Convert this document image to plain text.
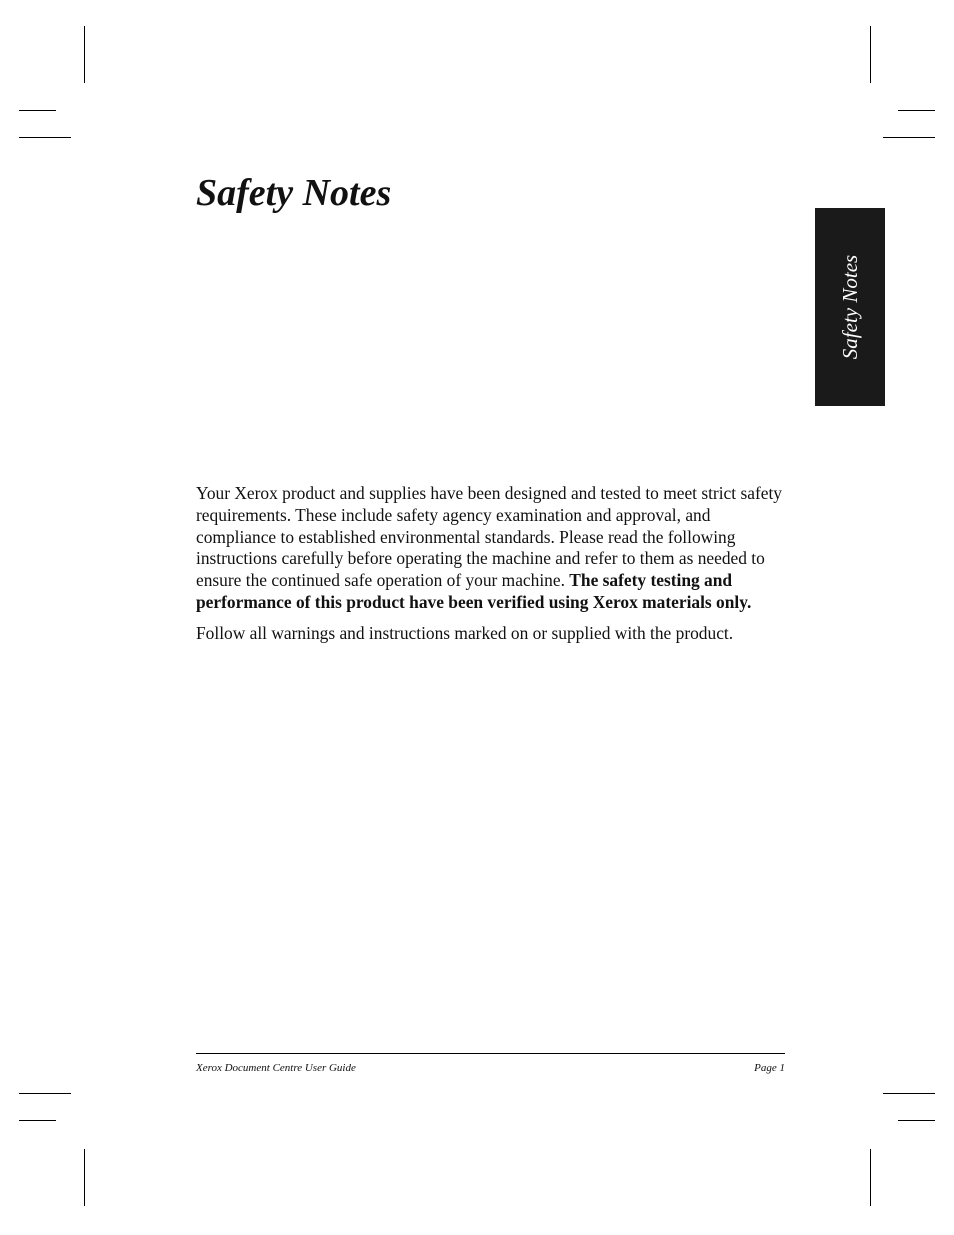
Safety Notes
Safety Notes

Your Xerox product and supplies have been designed and tested to meet strict safety requirements. These include safety agency examination and approval, and compliance to established environmental standards. Please read the following instructions carefully before operating the machine and refer to them as needed to ensure the continued safe operation of your machine. The safety testing and performance of this product have been verified using Xerox materials only.

Follow all warnings and instructions marked on or supplied with the product.

Xerox Document Centre User Guide	Page 1
